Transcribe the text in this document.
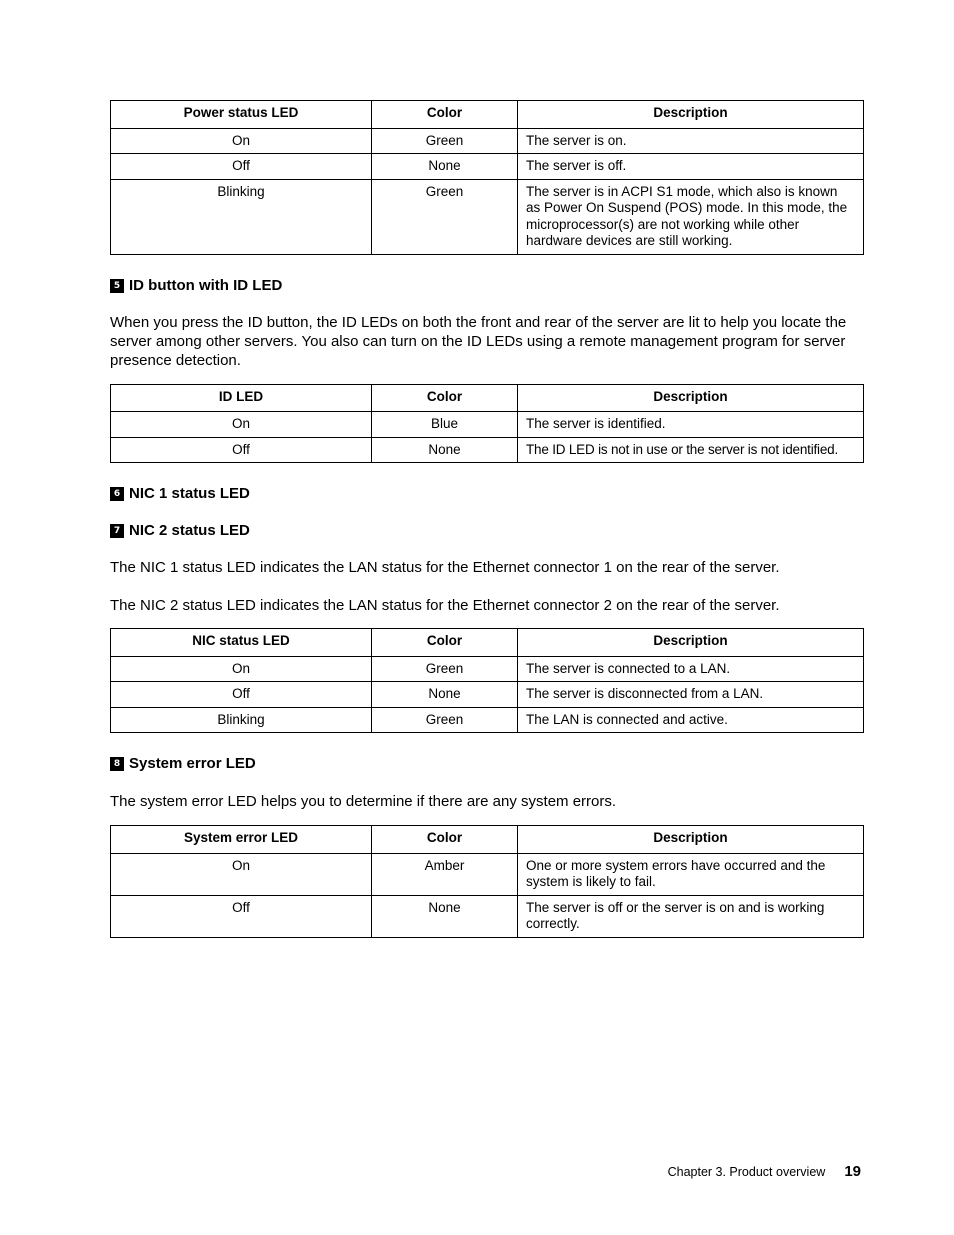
Power status LED	Color	Description
On	Green	The server is on.
Off	None	The server is off.
Blinking	Green	The server is in ACPI S1 mode, which also is known as Power On Suspend (POS) mode. In this mode, the microprocessor(s) are not working while other hardware devices are still working.
5 ID button with ID LED
When you press the ID button, the ID LEDs on both the front and rear of the server are lit to help you locate the server among other servers. You also can turn on the ID LEDs using a remote management program for server presence detection.
ID LED	Color	Description
On	Blue	The server is identified.
Off	None	The ID LED is not in use or the server is not identified.
6 NIC 1 status LED
7 NIC 2 status LED
The NIC 1 status LED indicates the LAN status for the Ethernet connector 1 on the rear of the server.
The NIC 2 status LED indicates the LAN status for the Ethernet connector 2 on the rear of the server.
NIC status LED	Color	Description
On	Green	The server is connected to a LAN.
Off	None	The server is disconnected from a LAN.
Blinking	Green	The LAN is connected and active.
8 System error LED
The system error LED helps you to determine if there are any system errors.
System error LED	Color	Description
On	Amber	One or more system errors have occurred and the system is likely to fail.
Off	None	The server is off or the server is on and is working correctly.
Chapter 3. Product overview 19
